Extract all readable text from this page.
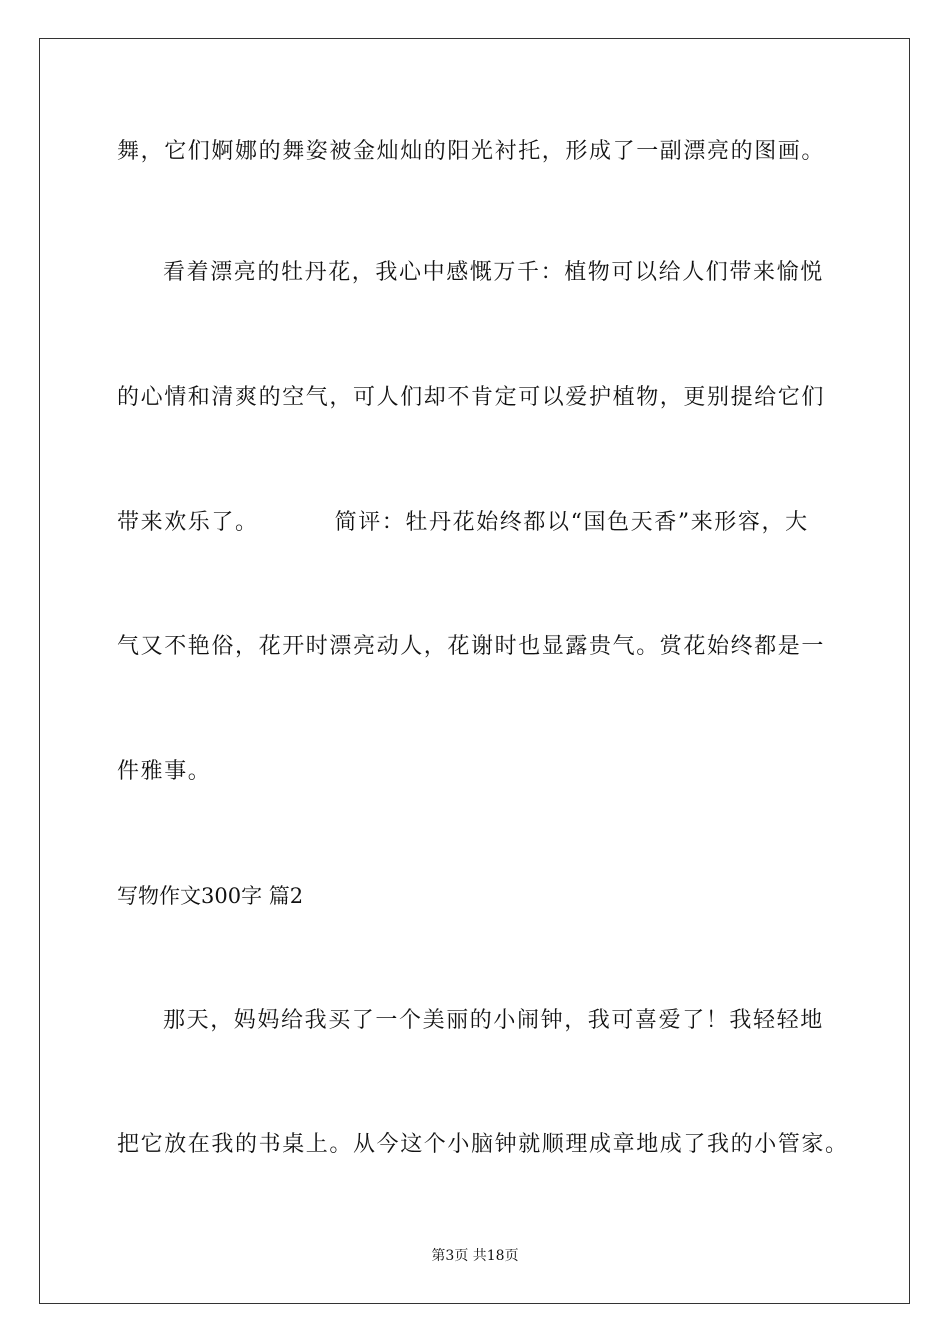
舞，它们婀娜的舞姿被金灿灿的阳光衬托，形成了一副漂亮的图画。
看着漂亮的牡丹花，我心中感慨万千：植物可以给人们带来愉悦
的心情和清爽的空气，可人们却不肯定可以爱护植物，更别提给它们
带来欢乐了。	简评：牡丹花始终都以“国色天香”来形容，大
气又不艳俗，花开时漂亮动人，花谢时也显露贵气。赏花始终都是一
件雅事。
写物作文300字 篇2
那天，妈妈给我买了一个美丽的小闹钟，我可喜爱了！我轻轻地
把它放在我的书桌上。从今这个小脑钟就顺理成章地成了我的小管家。
第3页 共18页
